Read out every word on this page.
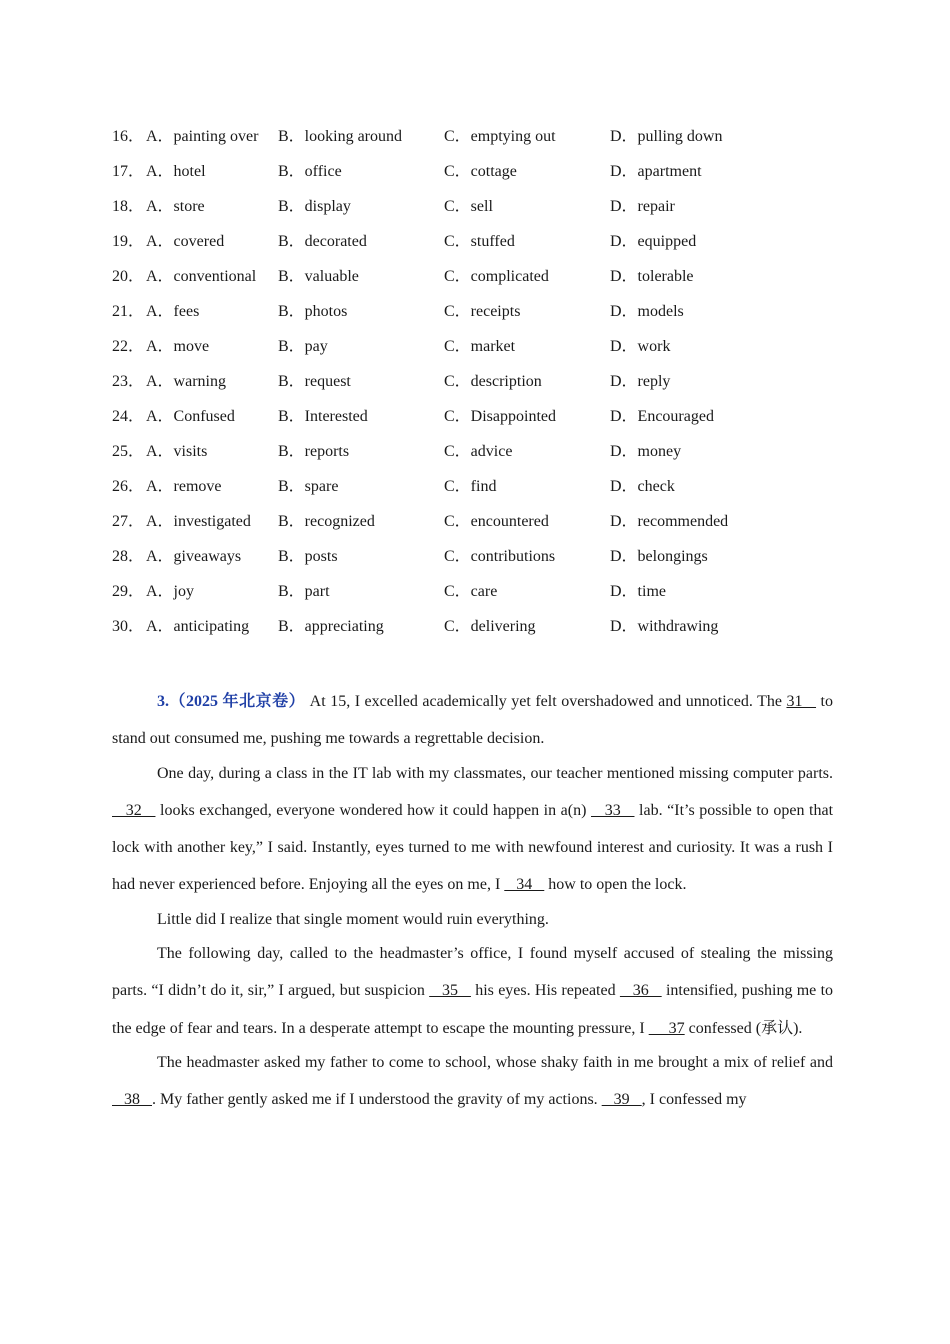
16． A．painting over B．looking around	C．emptying out	D．pulling down
17． A．hotel	B．office	C．cottage	D．apartment
18． A．store	B．display	C．sell	D．repair
19． A．covered	B．decorated	C．stuffed	D．equipped
20． A．conventional B．valuable	C．complicated	D．tolerable
21． A．fees	B．photos	C．receipts	D．models
22． A．move	B．pay	C．market	D．work
23． A．warning	B．request	C．description	D．reply
24． A．Confused	B．Interested	C．Disappointed	D．Encouraged
25． A．visits	B．reports	C．advice	D．money
26． A．remove	B．spare	C．find	D．check
27． A．investigated B．recognized	C．encountered	D．recommended
28． A．giveaways B．posts	C．contributions	D．belongings
29． A．joy	B．part	C．care	D．time
30． A．anticipating B．appreciating	C．delivering	D．withdrawing

3.（2025 年北京卷） At 15, I excelled academically yet felt overshadowed and unnoticed. The 31    to stand out consumed me, pushing me towards a regrettable decision.

One day, during a class in the IT lab with my classmates, our teacher mentioned missing computer parts.    32    looks exchanged, everyone wondered how it could happen in a(n)    33    lab. “It’s possible to open that lock with another key,” I said. Instantly, eyes turned to me with newfound interest and curiosity. It was a rush I had never experienced before. Enjoying all the eyes on me, I    34    how to open the lock.

Little did I realize that single moment would ruin everything.

The following day, called to the headmaster’s office, I found myself accused of stealing the missing parts. “I didn’t do it, sir,” I argued, but suspicion    35    his eyes. His repeated    36    intensified, pushing me to the edge of fear and tears. In a desperate attempt to escape the mounting pressure, I      37 confessed (承认).

The headmaster asked my father to come to school, whose shaky faith in me brought a mix of relief and    38   . My father gently asked me if I understood the gravity of my actions.    39   , I confessed my
